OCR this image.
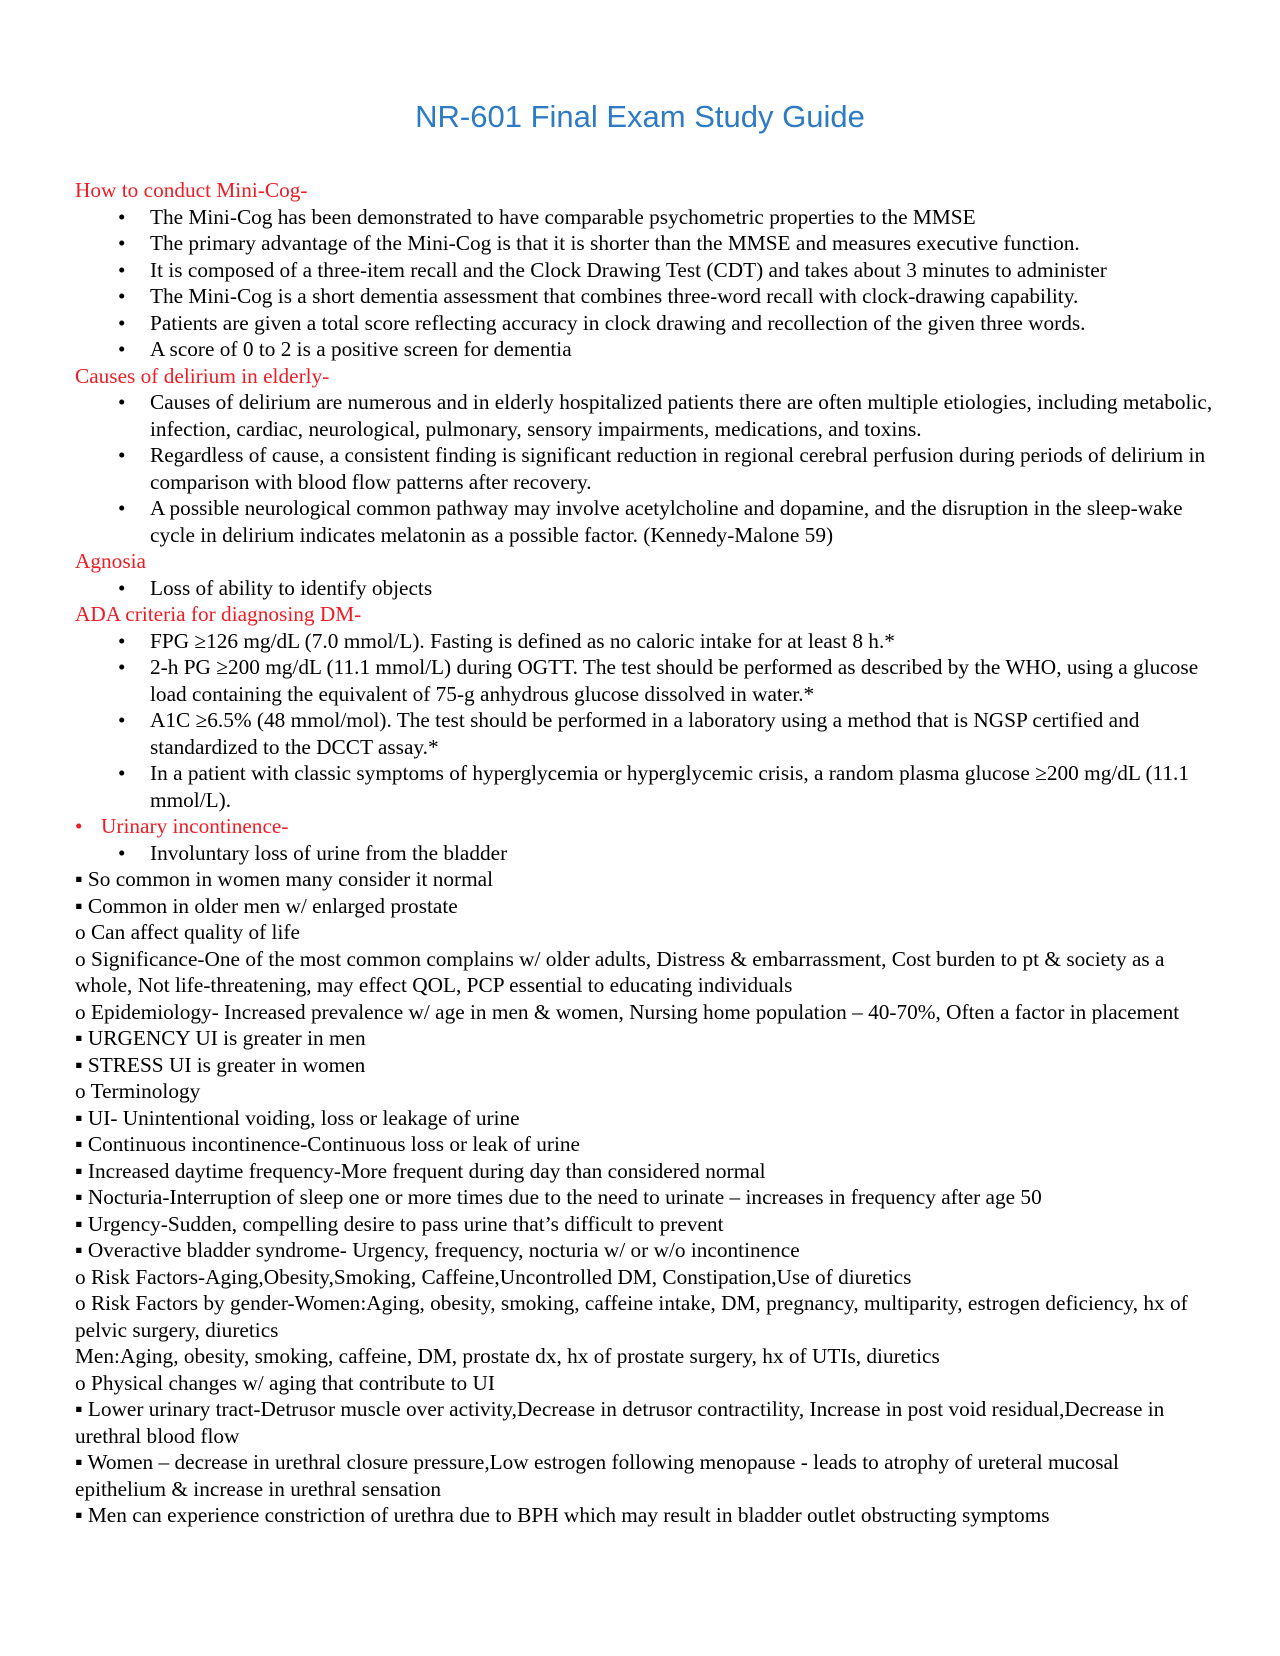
NR-601 Final Exam Study Guide
How to conduct Mini-Cog-
• The Mini-Cog has been demonstrated to have comparable psychometric properties to the MMSE
• The primary advantage of the Mini-Cog is that it is shorter than the MMSE and measures executive function.
• It is composed of a three-item recall and the Clock Drawing Test (CDT) and takes about 3 minutes to administer
• The Mini-Cog is a short dementia assessment that combines three-word recall with clock-drawing capability.
• Patients are given a total score reflecting accuracy in clock drawing and recollection of the given three words.
• A score of 0 to 2 is a positive screen for dementia
Causes of delirium in elderly-
• Causes of delirium are numerous and in elderly hospitalized patients there are often multiple etiologies, including metabolic, infection, cardiac, neurological, pulmonary, sensory impairments, medications, and toxins.
• Regardless of cause, a consistent finding is significant reduction in regional cerebral perfusion during periods of delirium in comparison with blood flow patterns after recovery.
• A possible neurological common pathway may involve acetylcholine and dopamine, and the disruption in the sleep-wake cycle in delirium indicates melatonin as a possible factor. (Kennedy-Malone 59)
Agnosia
• Loss of ability to identify objects
ADA criteria for diagnosing DM-
• FPG ≥126 mg/dL (7.0 mmol/L). Fasting is defined as no caloric intake for at least 8 h.*
• 2-h PG ≥200 mg/dL (11.1 mmol/L) during OGTT. The test should be performed as described by the WHO, using a glucose load containing the equivalent of 75-g anhydrous glucose dissolved in water.*
• A1C ≥6.5% (48 mmol/mol). The test should be performed in a laboratory using a method that is NGSP certified and standardized to the DCCT assay.*
• In a patient with classic symptoms of hyperglycemia or hyperglycemic crisis, a random plasma glucose ≥200 mg/dL (11.1 mmol/L).
• Urinary incontinence-
• Involuntary loss of urine from the bladder
▪ So common in women many consider it normal
▪ Common in older men w/ enlarged prostate
o Can affect quality of life
o Significance-One of the most common complains w/ older adults, Distress & embarrassment, Cost burden to pt & society as a whole, Not life-threatening, may effect QOL, PCP essential to educating individuals
o Epidemiology- Increased prevalence w/ age in men & women, Nursing home population – 40-70%, Often a factor in placement
▪ URGENCY UI is greater in men
▪ STRESS UI is greater in women
o Terminology
▪ UI- Unintentional voiding, loss or leakage of urine
▪ Continuous incontinence-Continuous loss or leak of urine
▪ Increased daytime frequency-More frequent during day than considered normal
▪ Nocturia-Interruption of sleep one or more times due to the need to urinate – increases in frequency after age 50
▪ Urgency-Sudden, compelling desire to pass urine that’s difficult to prevent
▪ Overactive bladder syndrome- Urgency, frequency, nocturia w/ or w/o incontinence
o Risk Factors-Aging,Obesity,Smoking, Caffeine,Uncontrolled DM, Constipation,Use of diuretics
o Risk Factors by gender-Women:Aging, obesity, smoking, caffeine intake, DM, pregnancy, multiparity, estrogen deficiency, hx of pelvic surgery, diuretics
Men:Aging, obesity, smoking, caffeine, DM, prostate dx, hx of prostate surgery, hx of UTIs, diuretics
o Physical changes w/ aging that contribute to UI
▪ Lower urinary tract-Detrusor muscle over activity,Decrease in detrusor contractility, Increase in post void residual,Decrease in urethral blood flow
▪ Women – decrease in urethral closure pressure,Low estrogen following menopause - leads to atrophy of ureteral mucosal epithelium & increase in urethral sensation
▪ Men can experience constriction of urethra due to BPH which may result in bladder outlet obstructing symptoms
